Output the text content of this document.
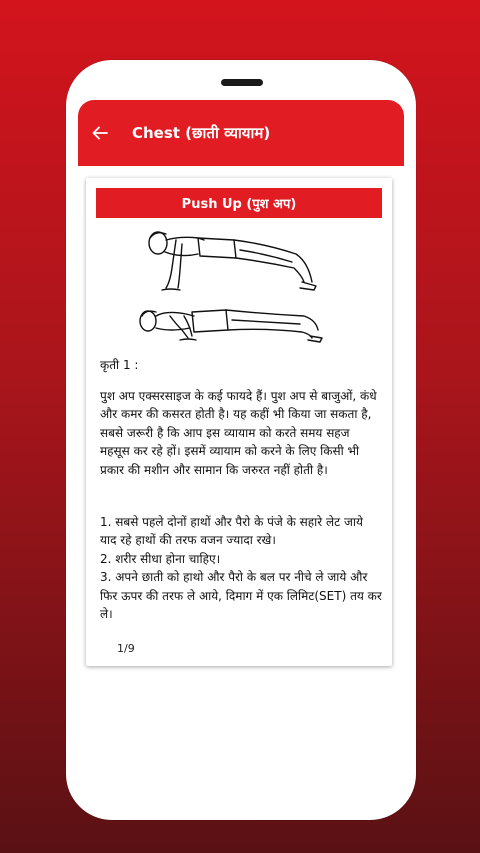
Chest (छाती व्यायाम)
Push Up (पुश अप)
कृती 1 :

पुश अप एक्सरसाइज के कई फायदे हैं। पुश अप से बाजुओं, कंधे और कमर की कसरत होती है। यह कहीं भी किया जा सकता है, सबसे जरूरी है कि आप इस व्यायाम को करते समय सहज महसूस कर रहे हों। इसमें व्यायाम को करने के लिए किसी भी प्रकार की मशीन और सामान कि जरुरत नहीं होती है।

1. सबसे पहले दोनों हाथों और पैरो के पंजे के सहारे लेट जाये याद रहे हाथों की तरफ वजन ज्यादा रखे।
2. शरीर सीधा होना चाहिए।
3. अपने छाती को हाथो और पैरो के बल पर नीचे ले जाये और फिर ऊपर की तरफ ले आये, दिमाग में एक लिमिट(SET) तय कर ले।
1/9
